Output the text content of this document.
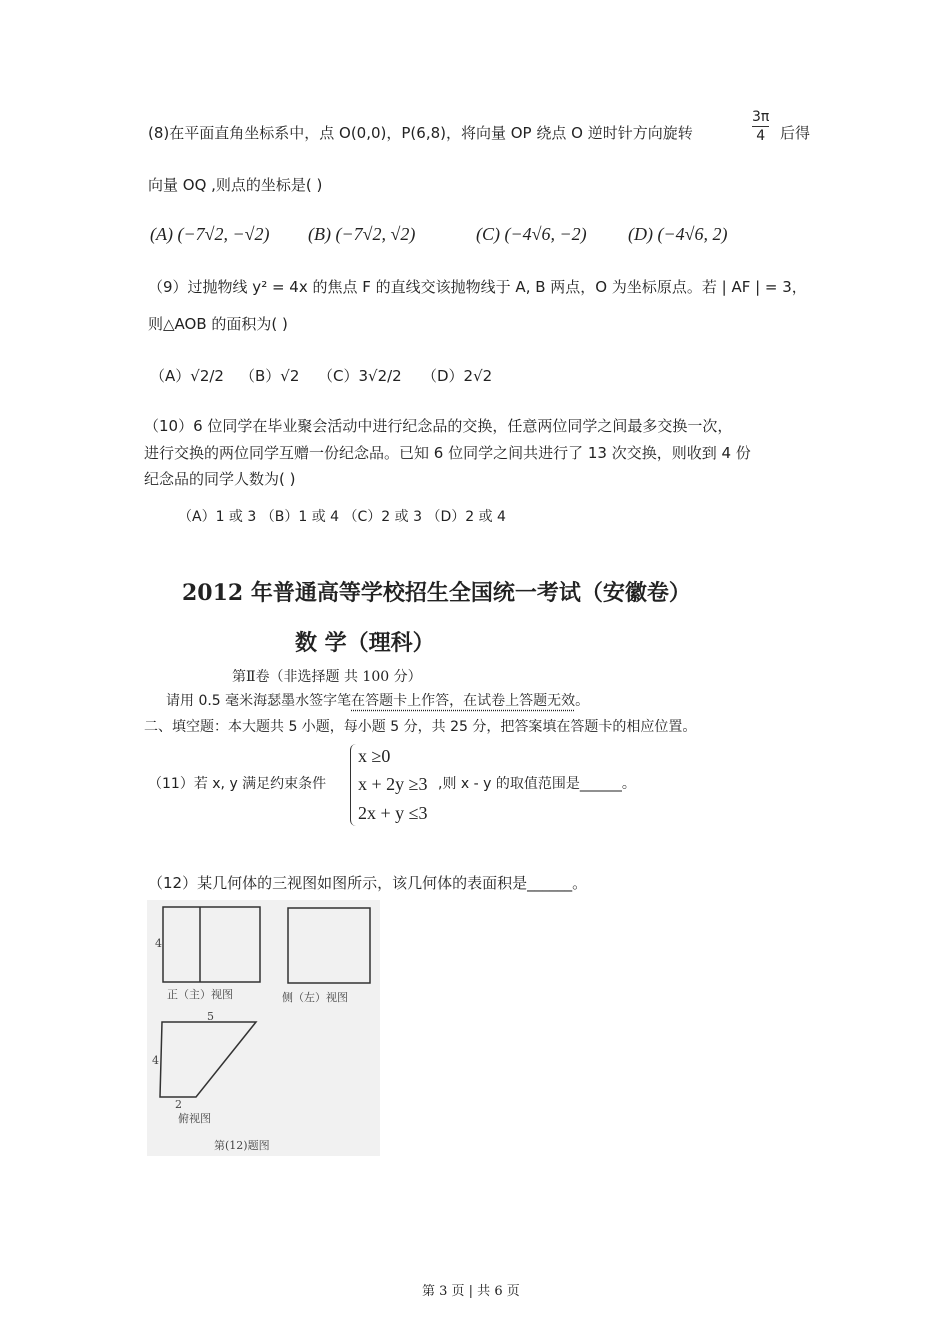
(8)在平面直角坐标系中，点 O(0,0)，P(6,8)，将向量 OP 绕点 O 逆时针方向旋转
3π
4 后得
向量 OQ ,则点的坐标是( )
(A) (−7√2, −√2) (B) (−7√2, √2)	(C) (−4√6, −2) (D) (−4√6, 2)
（9）过抛物线 y² = 4x 的焦点 F 的直线交该抛物线于 A, B 两点，O 为坐标原点。若 | AF | = 3，
则△AOB 的面积为( )
（A）√2/2 （B）√2 （C）3√2/2 （D）2√2
（10）6 位同学在毕业聚会活动中进行纪念品的交换，任意两位同学之间最多交换一次，
进行交换的两位同学互赠一份纪念品。已知 6 位同学之间共进行了 13 次交换，则收到 4 份
纪念品的同学人数为( )
（A）1 或 3 （B）1 或 4 （C）2 或 3 （D）2 或 4
2012 年普通高等学校招生全国统一考试（安徽卷）
数 学（理科）
第Ⅱ卷（非选择题 共 100 分）
请用 0.5 毫米海瑟墨水签字笔在答题卡上作答，在试卷上答题无效。
二、填空题：本大题共 5 小题，每小题 5 分，共 25 分，把答案填在答题卡的相应位置。
（11）若 x, y 满足约束条件
x ≥0
x + 2y ≥3
2x + y ≤3
,则 x - y 的取值范围是______。
（12）某几何体的三视图如图所示，该几何体的表面积是______。
4
正（主）视图	侧（左）视图
5
4
2
俯视图
第(12)题图
第 3 页 | 共 6 页
